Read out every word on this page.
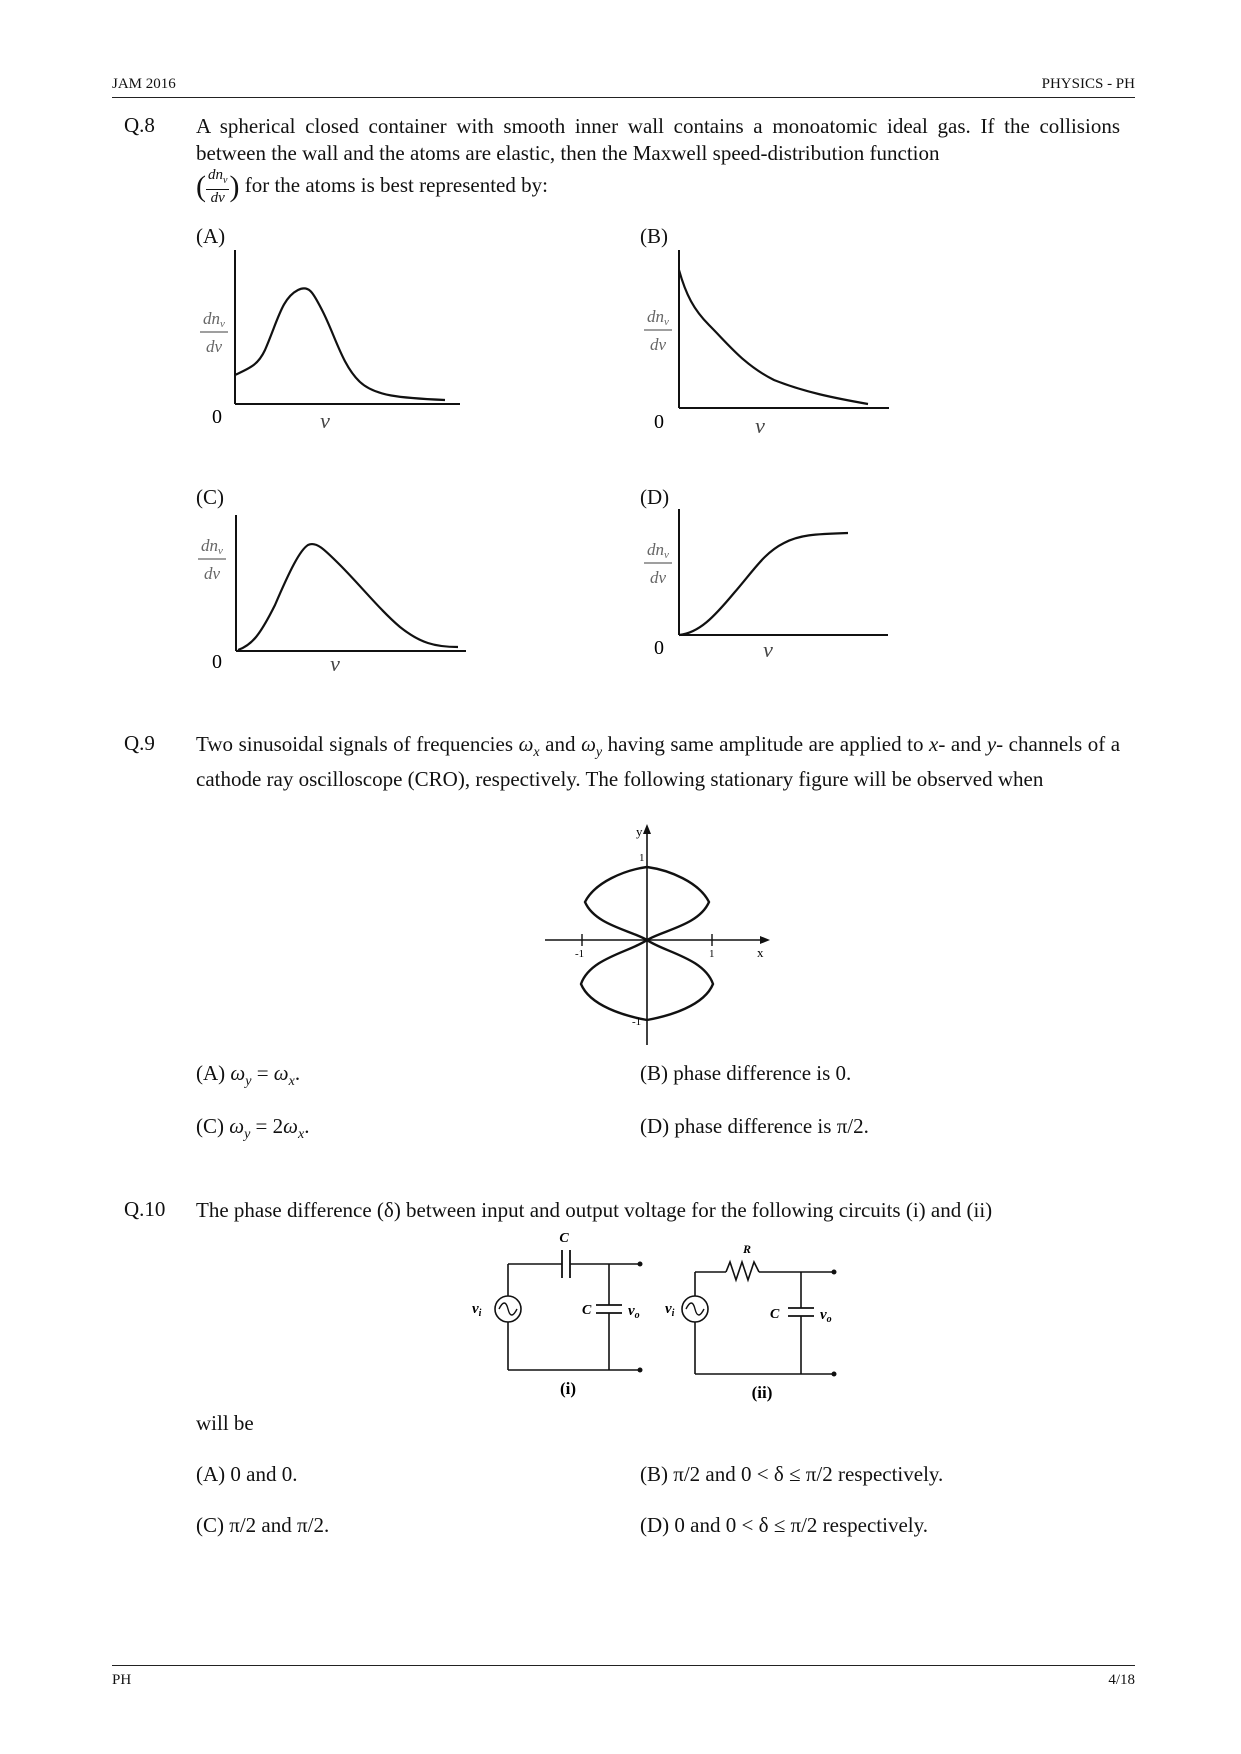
JAM 2016	PHYSICS - PH
Q.8 A spherical closed container with smooth inner wall contains a monoatomic ideal gas. If the collisions between the wall and the atoms are elastic, then the Maxwell speed-distribution function
( $\frac{dn_v}{dv}$ ) for the atoms is best represented by:
(A)
dnv
dv
0	v
(B)
dnv
dv
0	v
(C)
dnv
dv
0	v
(D)
dnv
dv
0	v
Q.9 Two sinusoidal signals of frequencies $\omega_x$ and $\omega_y$ having same amplitude are applied to x- and y- channels of a cathode ray oscilloscope (CRO), respectively. The following stationary figure will be observed when
y
1
-1	1	x
-1
(A) $\omega_y = \omega_x$.	(B) phase difference is 0.
(C) $\omega_y = 2\omega_x$.	(D) phase difference is π/2.
Q.10 The phase difference (δ) between input and output voltage for the following circuits (i) and (ii)
C
C
$v_i$	$v_o$
(i)
R
C
$v_i$	$v_o$
(ii)
will be
(A) 0 and 0.	(B) π/2 and 0 < δ ≤ π/2 respectively.
(C) π/2 and π/2.	(D) 0 and 0 < δ ≤ π/2 respectively.
PH	4/18
